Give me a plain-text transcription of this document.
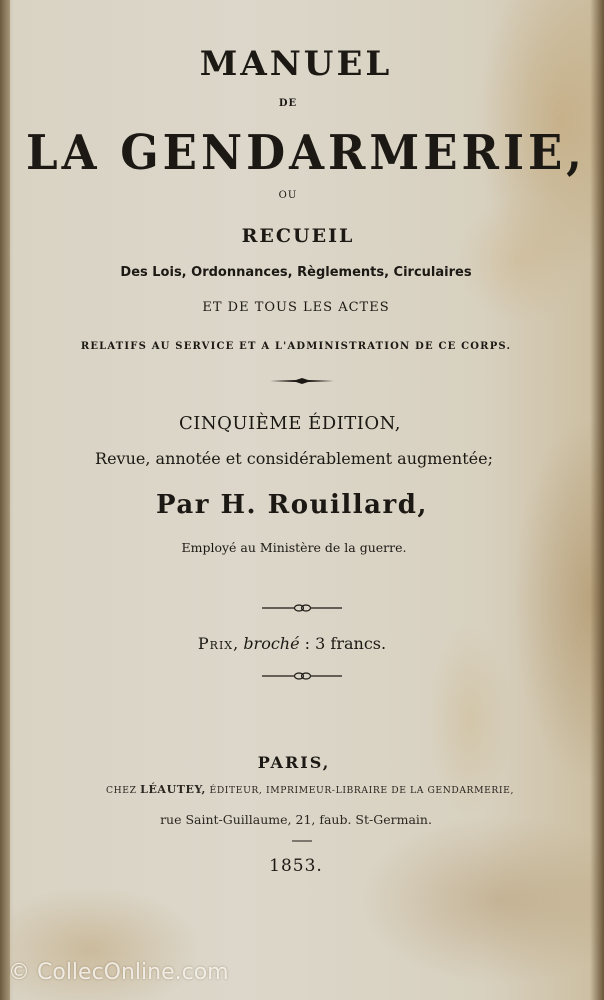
MANUEL
DE
LA GENDARMERIE,
OU
RECUEIL
Des Lois, Ordonnances, Règlements, Circulaires
ET DE TOUS LES ACTES
RELATIFS AU SERVICE ET A L'ADMINISTRATION DE CE CORPS.
CINQUIÈME ÉDITION,
Revue, annotée et considérablement augmentée;
Par H. Rouillard,
Employé au Ministère de la guerre.
Prix, broché : 3 francs.
PARIS,
CHEZ LÉAUTEY, ÉDITEUR, IMPRIMEUR-LIBRAIRE DE LA GENDARMERIE,
rue Saint-Guillaume, 21, faub. St-Germain.
1853.
© CollecOnline.com
